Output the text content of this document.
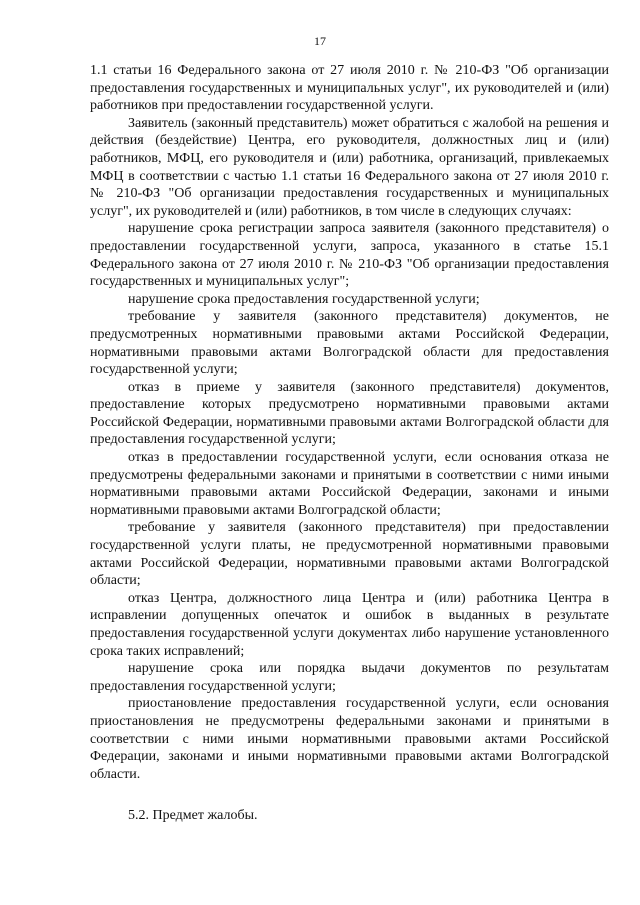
17

1.1 статьи 16 Федерального закона от 27 июля 2010 г. № 210-ФЗ "Об организации предоставления государственных и муниципальных услуг", их руководителей и (или) работников при предоставлении государственной услуги.

Заявитель (законный представитель) может обратиться с жалобой на решения и действия (бездействие) Центра, его руководителя, должностных лиц и (или) работников, МФЦ, его руководителя и (или) работника, организаций, привлекаемых МФЦ в соответствии с частью 1.1 статьи 16 Федерального закона от 27 июля 2010 г. № 210-ФЗ "Об организации предоставления государственных и муниципальных услуг", их руководителей и (или) работников, в том числе в следующих случаях:

нарушение срока регистрации запроса заявителя (законного представителя) о предоставлении государственной услуги, запроса, указанного в статье 15.1 Федерального закона от 27 июля 2010 г. № 210-ФЗ "Об организации предоставления государственных и муниципальных услуг";

нарушение срока предоставления государственной услуги;

требование у заявителя (законного представителя) документов, не предусмотренных нормативными правовыми актами Российской Федерации, нормативными правовыми актами Волгоградской области для предоставления государственной услуги;

отказ в приеме у заявителя (законного представителя) документов, предоставление которых предусмотрено нормативными правовыми актами Российской Федерации, нормативными правовыми актами Волгоградской области для предоставления государственной услуги;

отказ в предоставлении государственной услуги, если основания отказа не предусмотрены федеральными законами и принятыми в соответствии с ними иными нормативными правовыми актами Российской Федерации, законами и иными нормативными правовыми актами Волгоградской области;

требование у заявителя (законного представителя) при предоставлении государственной услуги платы, не предусмотренной нормативными правовыми актами Российской Федерации, нормативными правовыми актами Волгоградской области;

отказ Центра, должностного лица Центра и (или) работника Центра в исправлении допущенных опечаток и ошибок в выданных в результате предоставления государственной услуги документах либо нарушение установленного срока таких исправлений;

нарушение срока или порядка выдачи документов по результатам предоставления государственной услуги;

приостановление предоставления государственной услуги, если основания приостановления не предусмотрены федеральными законами и принятыми в соответствии с ними иными нормативными правовыми актами Российской Федерации, законами и иными нормативными правовыми актами Волгоградской области.

5.2. Предмет жалобы.
